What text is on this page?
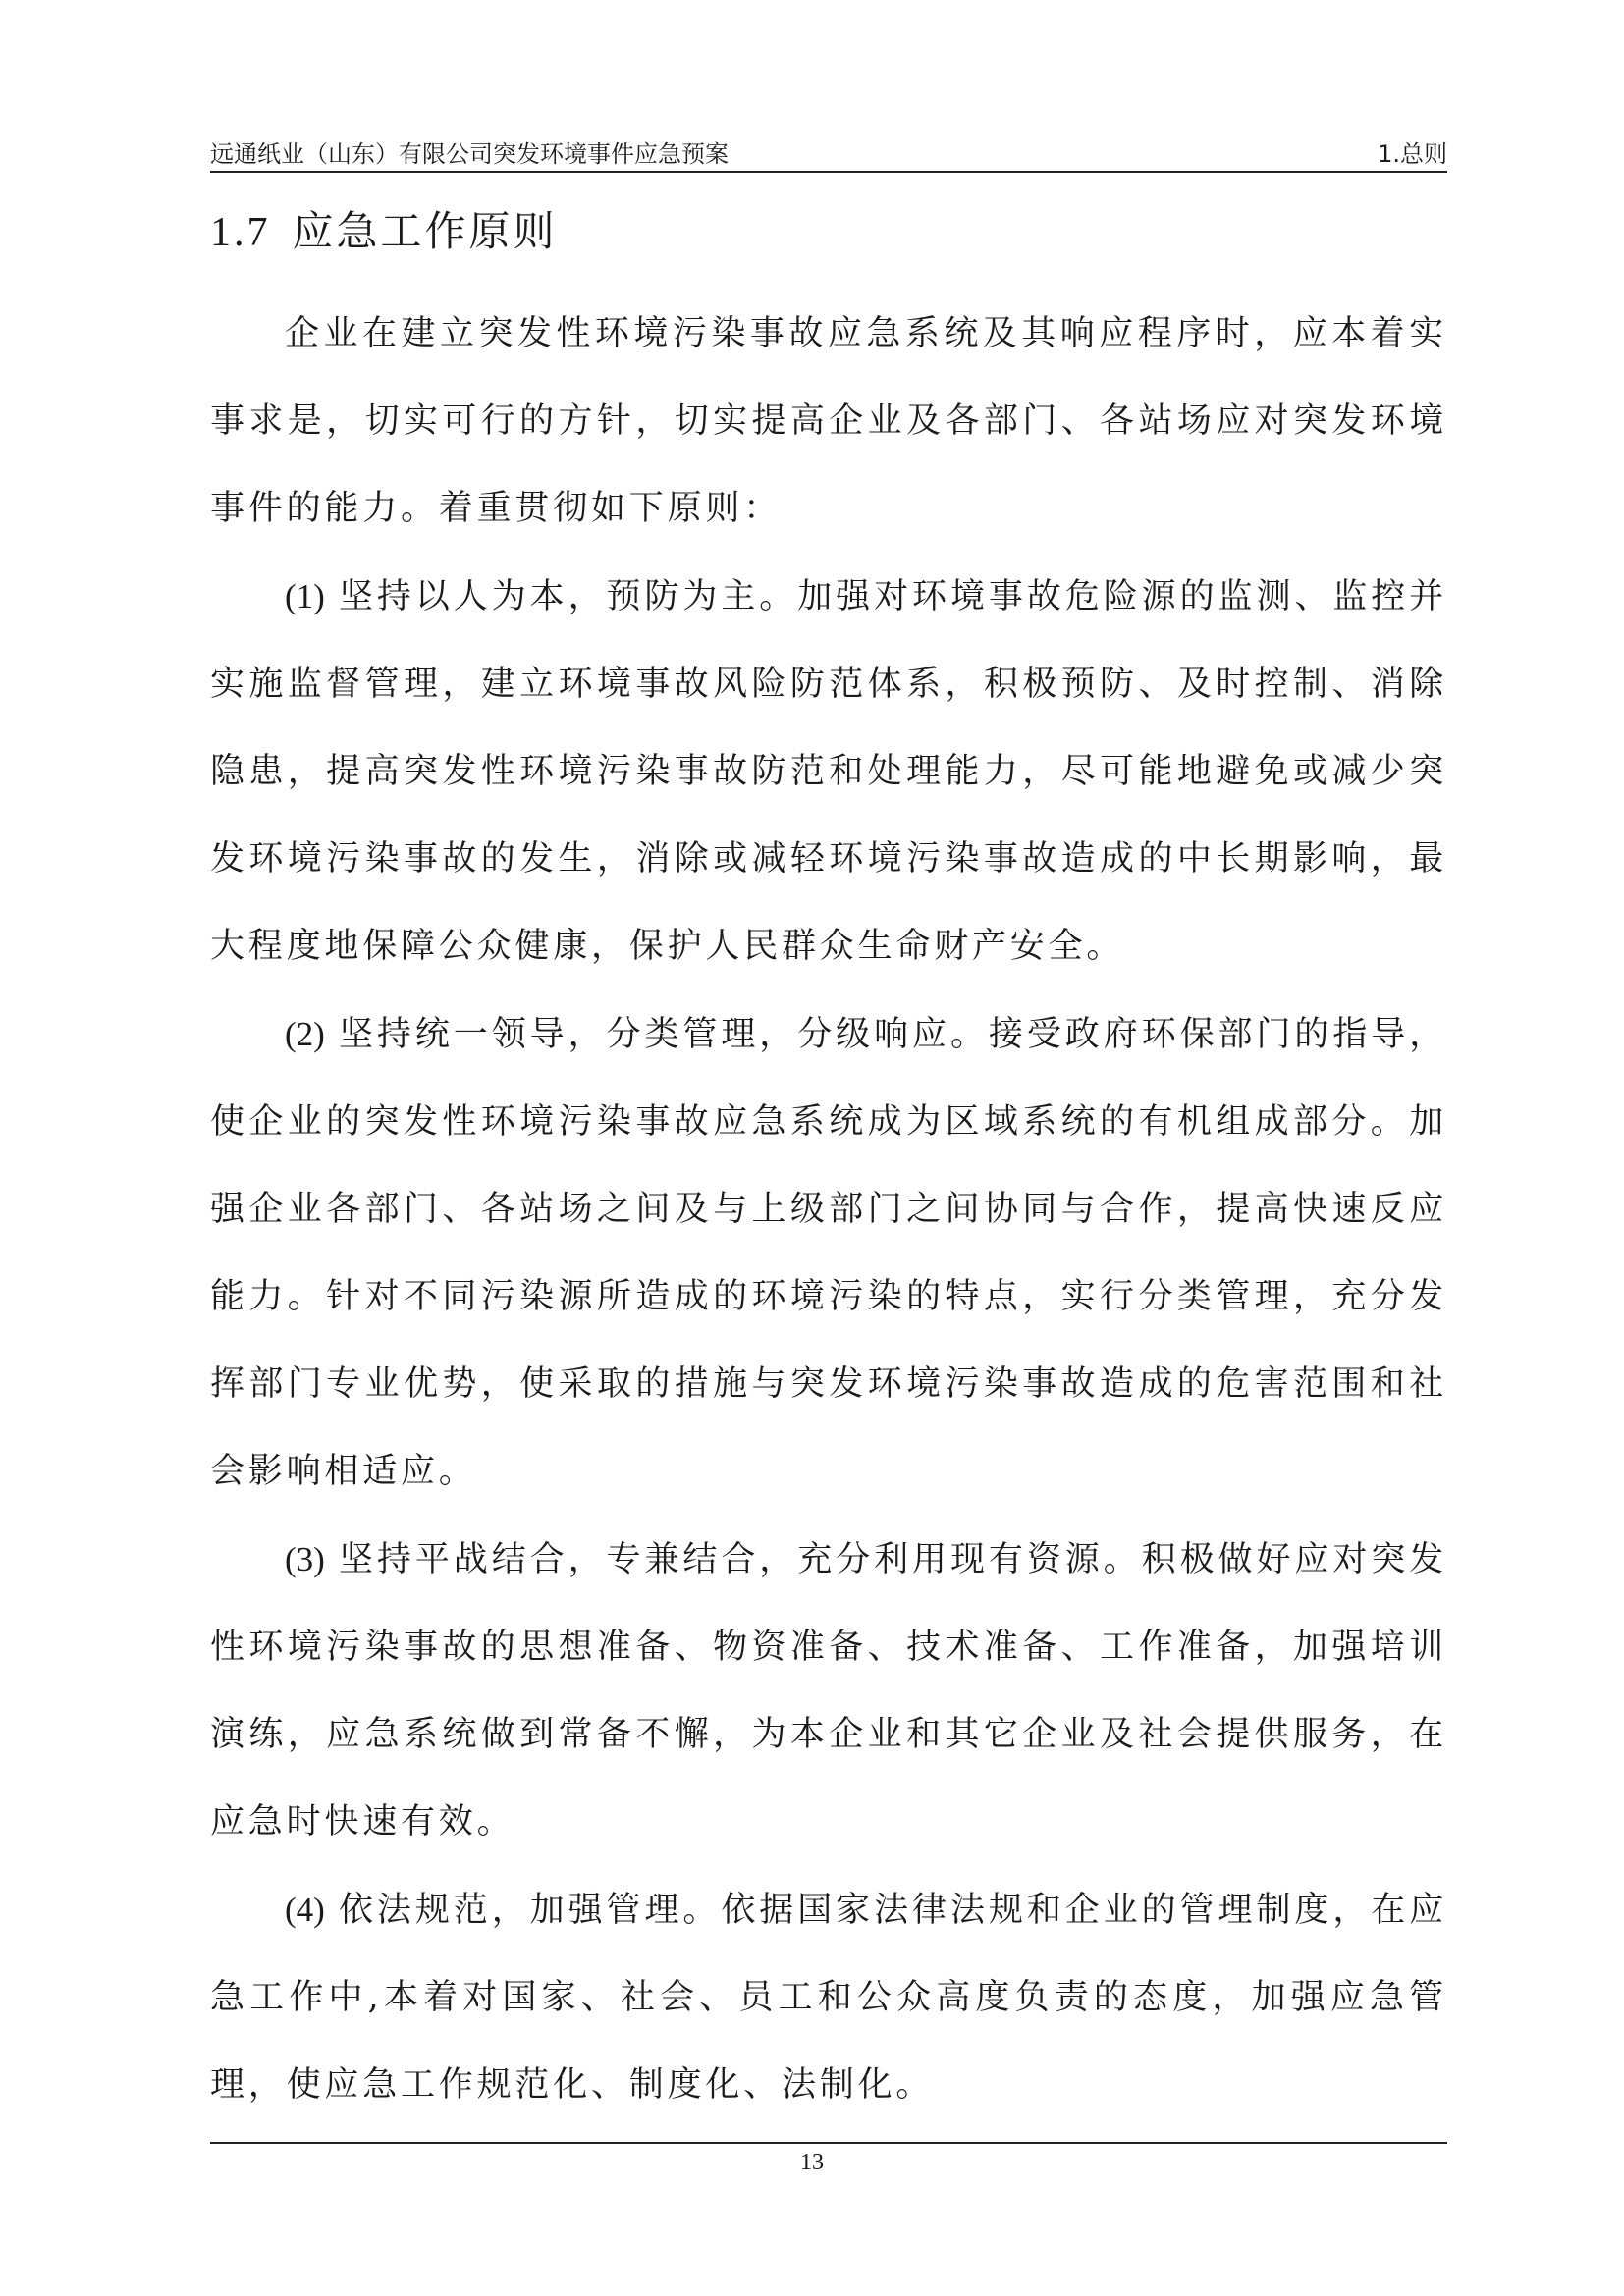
远通纸业（山东）有限公司突发环境事件应急预案	1.总则
1.7 应急工作原则

企业在建立突发性环境污染事故应急系统及其响应程序时，应本着实事求是，切实可行的方针，切实提高企业及各部门、各站场应对突发环境事件的能力。着重贯彻如下原则：

(1) 坚持以人为本，预防为主。加强对环境事故危险源的监测、监控并实施监督管理，建立环境事故风险防范体系，积极预防、及时控制、消除隐患，提高突发性环境污染事故防范和处理能力，尽可能地避免或减少突发环境污染事故的发生，消除或减轻环境污染事故造成的中长期影响，最大程度地保障公众健康，保护人民群众生命财产安全。

(2) 坚持统一领导，分类管理，分级响应。接受政府环保部门的指导，使企业的突发性环境污染事故应急系统成为区域系统的有机组成部分。加强企业各部门、各站场之间及与上级部门之间协同与合作，提高快速反应能力。针对不同污染源所造成的环境污染的特点，实行分类管理，充分发挥部门专业优势，使采取的措施与突发环境污染事故造成的危害范围和社会影响相适应。

(3) 坚持平战结合，专兼结合，充分利用现有资源。积极做好应对突发性环境污染事故的思想准备、物资准备、技术准备、工作准备，加强培训演练，应急系统做到常备不懈，为本企业和其它企业及社会提供服务，在应急时快速有效。

(4) 依法规范，加强管理。依据国家法律法规和企业的管理制度，在应急工作中,本着对国家、社会、员工和公众高度负责的态度，加强应急管理，使应急工作规范化、制度化、法制化。

13
